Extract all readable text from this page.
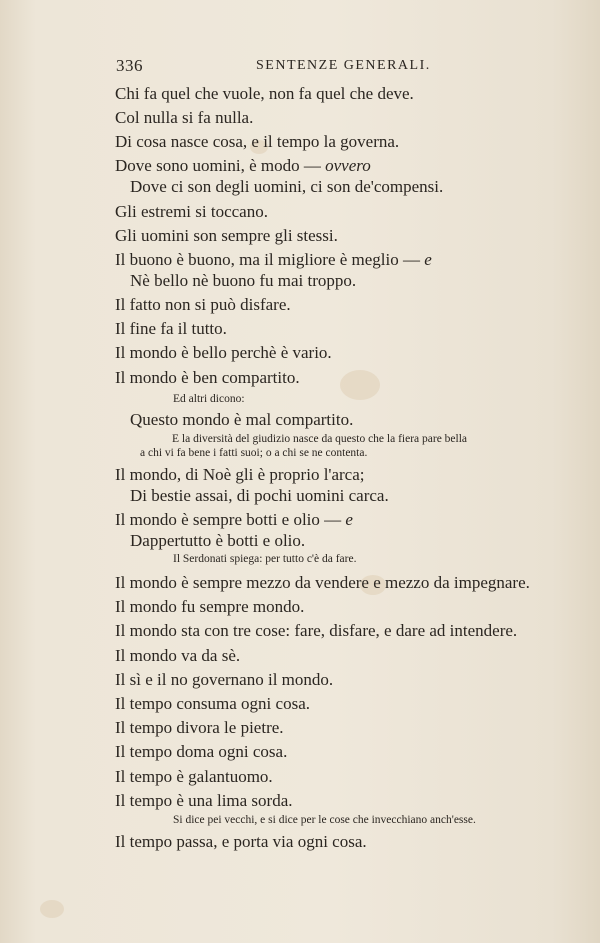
336	SENTENZE GENERALI.
Chi fa quel che vuole, non fa quel che deve.
Col nulla si fa nulla.
Di cosa nasce cosa, e il tempo la governa.
Dove sono uomini, è modo — ovvero
Dove ci son degli uomini, ci son de'compensi.
Gli estremi si toccano.
Gli uomini son sempre gli stessi.
Il buono è buono, ma il migliore è meglio — e
Nè bello nè buono fu mai troppo.
Il fatto non si può disfare.
Il fine fa il tutto.
Il mondo è bello perchè è vario.
Il mondo è ben compartito.
Ed altri dicono:
Questo mondo è mal compartito.
E la diversità del giudizio nasce da questo che la fiera pare bella
a chi vi fa bene i fatti suoi; o a chi se ne contenta.
Il mondo, di Noè gli è proprio l'arca;
Di bestie assai, di pochi uomini carca.
Il mondo è sempre botti e olio — e
Dappertutto è botti e olio.
Il Serdonati spiega: per tutto c'è da fare.
Il mondo è sempre mezzo da vendere e mezzo da impegnare.
Il mondo fu sempre mondo.
Il mondo sta con tre cose: fare, disfare, e dare ad intendere.
Il mondo va da sè.
Il sì e il no governano il mondo.
Il tempo consuma ogni cosa.
Il tempo divora le pietre.
Il tempo doma ogni cosa.
Il tempo è galantuomo.
Il tempo è una lima sorda.
Si dice pei vecchi, e si dice per le cose che invecchiano anch'esse.
Il tempo passa, e porta via ogni cosa.
